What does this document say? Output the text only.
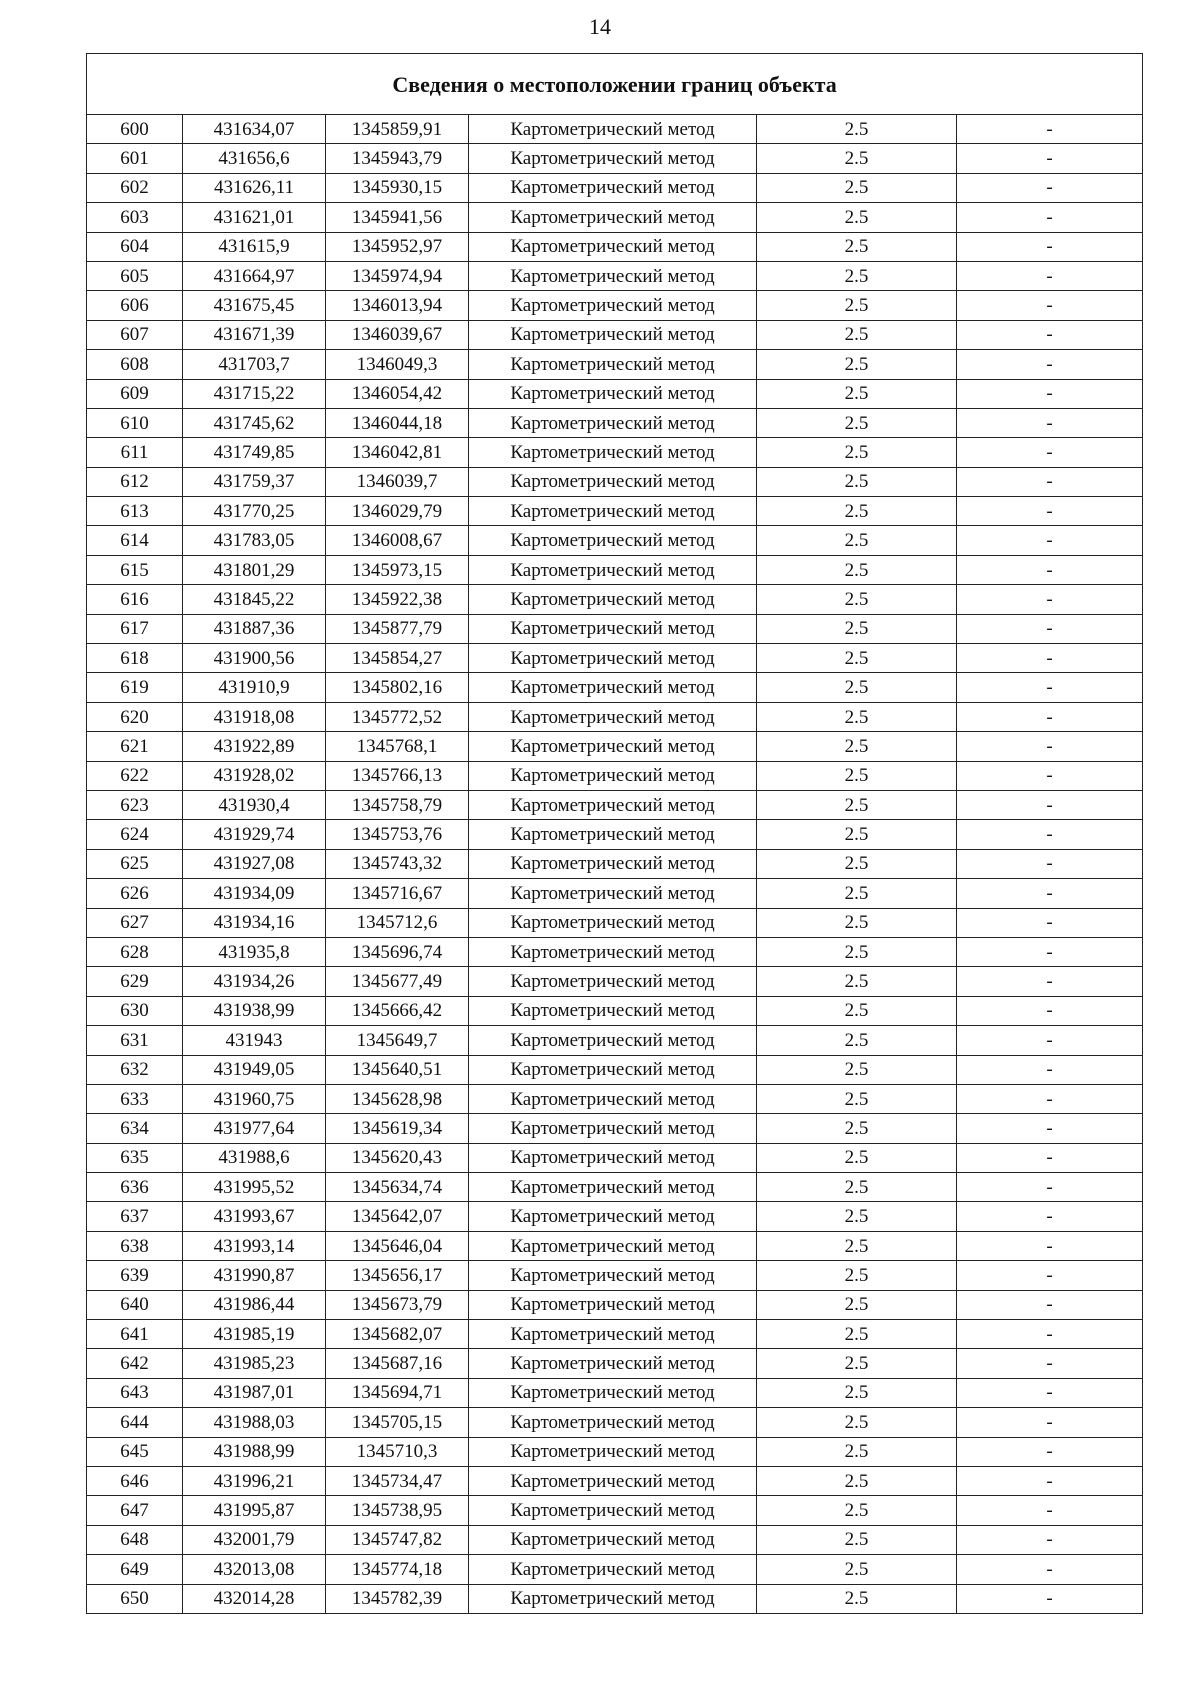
14
Сведения о местоположении границ объекта					
600	431634,07	1345859,91	Картометрический метод	2.5	-
601	431656,6	1345943,79	Картометрический метод	2.5	-
602	431626,11	1345930,15	Картометрический метод	2.5	-
603	431621,01	1345941,56	Картометрический метод	2.5	-
604	431615,9	1345952,97	Картометрический метод	2.5	-
605	431664,97	1345974,94	Картометрический метод	2.5	-
606	431675,45	1346013,94	Картометрический метод	2.5	-
607	431671,39	1346039,67	Картометрический метод	2.5	-
608	431703,7	1346049,3	Картометрический метод	2.5	-
609	431715,22	1346054,42	Картометрический метод	2.5	-
610	431745,62	1346044,18	Картометрический метод	2.5	-
611	431749,85	1346042,81	Картометрический метод	2.5	-
612	431759,37	1346039,7	Картометрический метод	2.5	-
613	431770,25	1346029,79	Картометрический метод	2.5	-
614	431783,05	1346008,67	Картометрический метод	2.5	-
615	431801,29	1345973,15	Картометрический метод	2.5	-
616	431845,22	1345922,38	Картометрический метод	2.5	-
617	431887,36	1345877,79	Картометрический метод	2.5	-
618	431900,56	1345854,27	Картометрический метод	2.5	-
619	431910,9	1345802,16	Картометрический метод	2.5	-
620	431918,08	1345772,52	Картометрический метод	2.5	-
621	431922,89	1345768,1	Картометрический метод	2.5	-
622	431928,02	1345766,13	Картометрический метод	2.5	-
623	431930,4	1345758,79	Картометрический метод	2.5	-
624	431929,74	1345753,76	Картометрический метод	2.5	-
625	431927,08	1345743,32	Картометрический метод	2.5	-
626	431934,09	1345716,67	Картометрический метод	2.5	-
627	431934,16	1345712,6	Картометрический метод	2.5	-
628	431935,8	1345696,74	Картометрический метод	2.5	-
629	431934,26	1345677,49	Картометрический метод	2.5	-
630	431938,99	1345666,42	Картометрический метод	2.5	-
631	431943	1345649,7	Картометрический метод	2.5	-
632	431949,05	1345640,51	Картометрический метод	2.5	-
633	431960,75	1345628,98	Картометрический метод	2.5	-
634	431977,64	1345619,34	Картометрический метод	2.5	-
635	431988,6	1345620,43	Картометрический метод	2.5	-
636	431995,52	1345634,74	Картометрический метод	2.5	-
637	431993,67	1345642,07	Картометрический метод	2.5	-
638	431993,14	1345646,04	Картометрический метод	2.5	-
639	431990,87	1345656,17	Картометрический метод	2.5	-
640	431986,44	1345673,79	Картометрический метод	2.5	-
641	431985,19	1345682,07	Картометрический метод	2.5	-
642	431985,23	1345687,16	Картометрический метод	2.5	-
643	431987,01	1345694,71	Картометрический метод	2.5	-
644	431988,03	1345705,15	Картометрический метод	2.5	-
645	431988,99	1345710,3	Картометрический метод	2.5	-
646	431996,21	1345734,47	Картометрический метод	2.5	-
647	431995,87	1345738,95	Картометрический метод	2.5	-
648	432001,79	1345747,82	Картометрический метод	2.5	-
649	432013,08	1345774,18	Картометрический метод	2.5	-
650	432014,28	1345782,39	Картометрический метод	2.5	-
